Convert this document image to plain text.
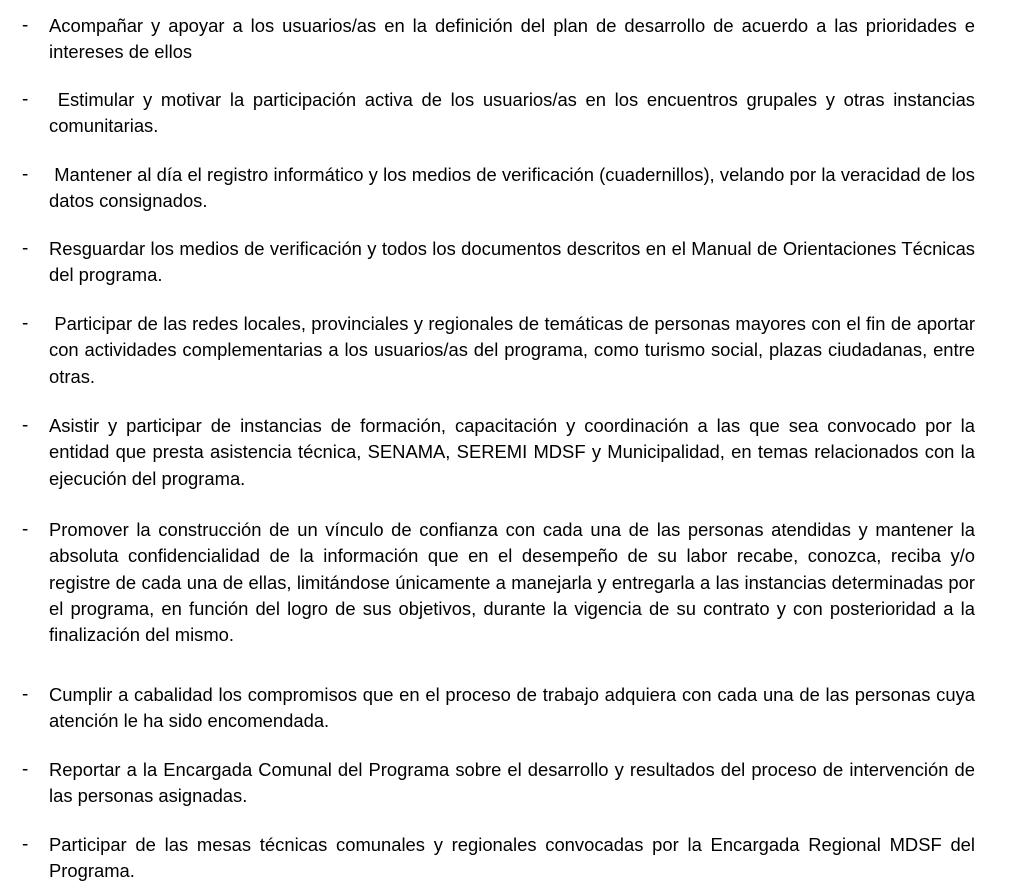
- Acompañar y apoyar a los usuarios/as en la definición del plan de desarrollo de acuerdo a las prioridades e intereses de ellos
- Estimular y motivar la participación activa de los usuarios/as en los encuentros grupales y otras instancias comunitarias.
- Mantener al día el registro informático y los medios de verificación (cuadernillos), velando por la veracidad de los datos consignados.
- Resguardar los medios de verificación y todos los documentos descritos en el Manual de Orientaciones Técnicas del programa.
- Participar de las redes locales, provinciales y regionales de temáticas de personas mayores con el fin de aportar con actividades complementarias a los usuarios/as del programa, como turismo social, plazas ciudadanas, entre otras.
- Asistir y participar de instancias de formación, capacitación y coordinación a las que sea convocado por la entidad que presta asistencia técnica, SENAMA, SEREMI MDSF y Municipalidad, en temas relacionados con la ejecución del programa.
- Promover la construcción de un vínculo de confianza con cada una de las personas atendidas y mantener la absoluta confidencialidad de la información que en el desempeño de su labor recabe, conozca, reciba y/o registre de cada una de ellas, limitándose únicamente a manejarla y entregarla a las instancias determinadas por el programa, en función del logro de sus objetivos, durante la vigencia de su contrato y con posterioridad a la finalización del mismo.
- Cumplir a cabalidad los compromisos que en el proceso de trabajo adquiera con cada una de las personas cuya atención le ha sido encomendada.
- Reportar a la Encargada Comunal del Programa sobre el desarrollo y resultados del proceso de intervención de las personas asignadas.
- Participar de las mesas técnicas comunales y regionales convocadas por la Encargada Regional MDSF del Programa.
